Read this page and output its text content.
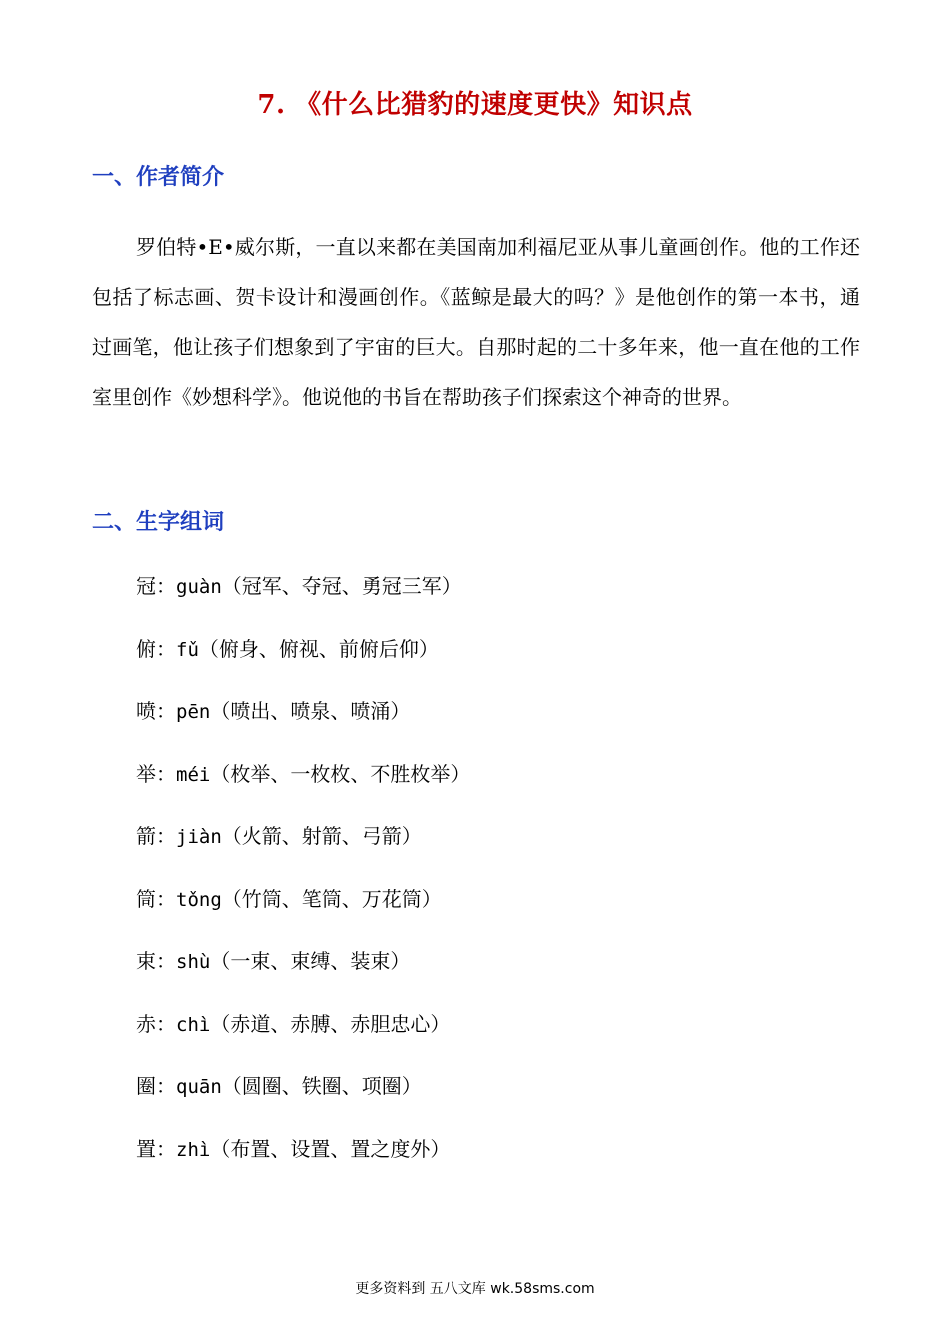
7. 《什么比猎豹的速度更快》知识点
一、作者简介
罗伯特•E•威尔斯，一直以来都在美国南加利福尼亚从事儿童画创作。他的工作还包括了标志画、贺卡设计和漫画创作。《蓝鲸是最大的吗？》是他创作的第一本书，通过画笔，他让孩子们想象到了宇宙的巨大。自那时起的二十多年来，他一直在他的工作室里创作《妙想科学》。他说他的书旨在帮助孩子们探索这个神奇的世界。
二、生字组词
冠：guàn（冠军、夺冠、勇冠三军）
俯：fǔ（俯身、俯视、前俯后仰）
喷：pēn（喷出、喷泉、喷涌）
举：méi（枚举、一枚枚、不胜枚举）
箭：jiàn（火箭、射箭、弓箭）
筒：tǒng（竹筒、笔筒、万花筒）
束：shù（一束、束缚、装束）
赤：chì（赤道、赤膊、赤胆忠心）
圈：quān（圆圈、铁圈、项圈）
置：zhì（布置、设置、置之度外）
更多资料到 五八文库 wk.58sms.com
